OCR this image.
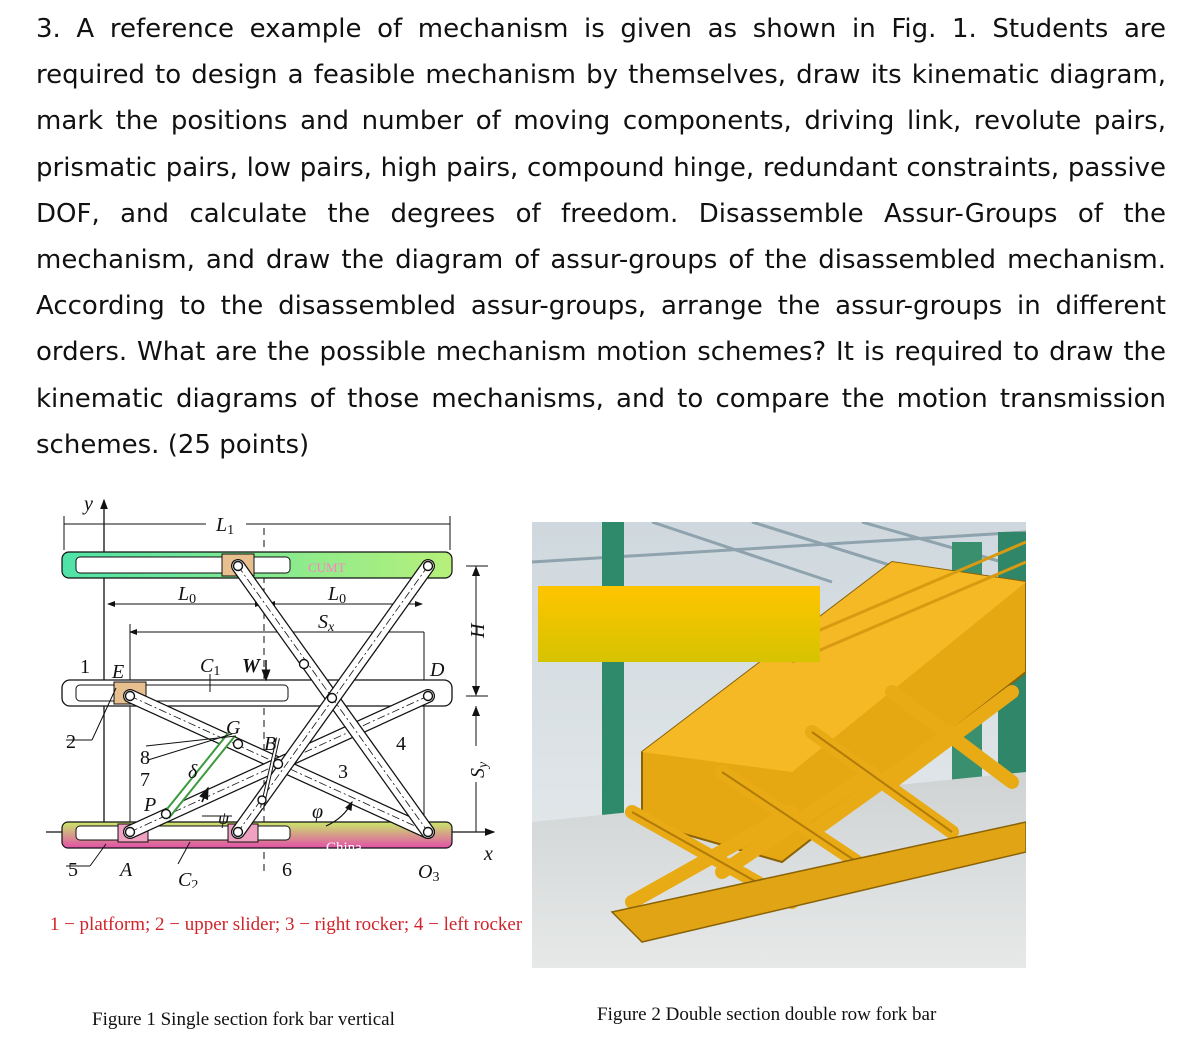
3. A reference example of mechanism is given as shown in Fig. 1. Students are required to design a feasible mechanism by themselves, draw its kinematic diagram, mark the positions and number of moving components, driving link, revolute pairs, prismatic pairs, low pairs, high pairs, compound hinge, redundant constraints, passive DOF, and calculate the degrees of freedom. Disassemble Assur-Groups of the mechanism, and draw the diagram of assur-groups of the disassembled mechanism. According to the disassembled assur-groups, arrange the assur-groups in different orders. What are the possible mechanism motion schemes? It is required to draw the kinematic diagrams of those mechanisms, and to compare the motion transmission schemes. (25 points)

y
x
L1
CUMT
L0	L0
Sx	H
Sy
China
W
1
2
3
4
5	6
7
8
E	D
C1
C2
G
B
P
A	O3
δ
ψ	φ
1 − platform; 2 − upper slider; 3 − right rocker; 4 − left rocker
Figure 1 Single section fork bar vertical	Figure 2 Double section double row fork bar
